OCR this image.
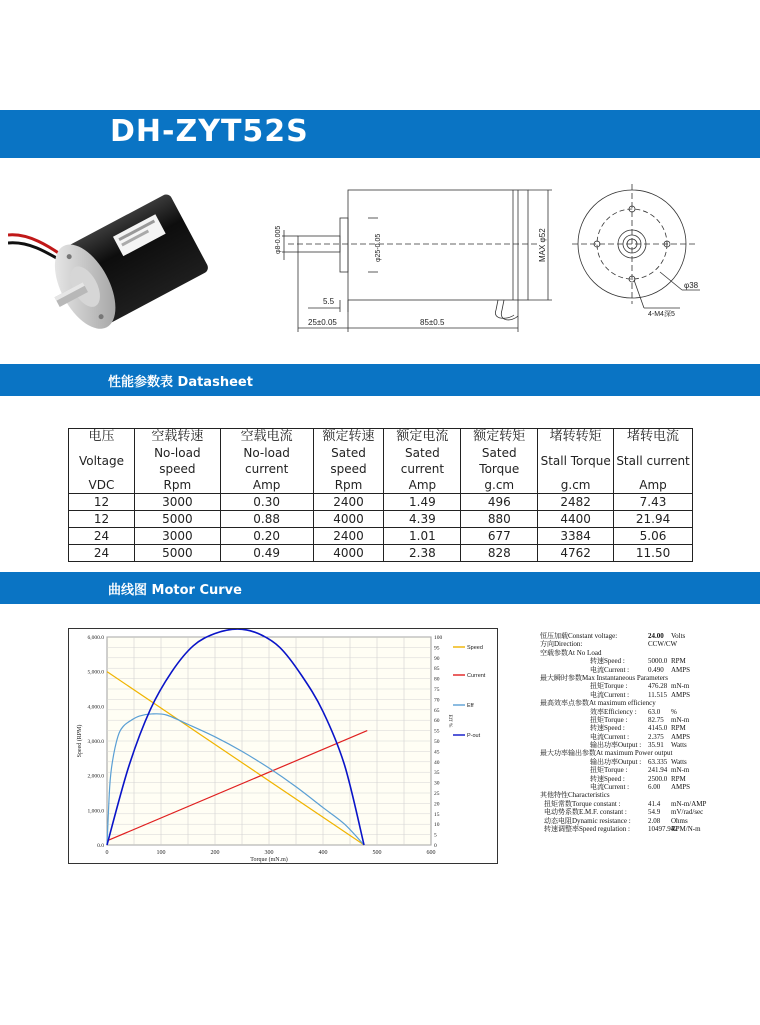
DH-ZYT52S
φ8-0.005	φ25-0.05	MAX φ52
5.5
25±0.05	85±0.5
φ38
4-M4深5
性能参数表 Datasheet
电压	空载转速	空载电流	额定转速	额定电流	额定转矩	堵转转矩	堵转电流
Voltage	No-load speed	No-load current	Sated speed	Sated current	Sated Torque	Stall Torque	Stall current
VDC	Rpm	Amp	Rpm	Amp	g.cm	g.cm	Amp
12	3000	0.30	2400	1.49	496	2482	7.43
12	5000	0.88	4000	4.39	880	4400	21.94
24	3000	0.20	2400	1.01	677	3384	5.06
24	5000	0.49	4000	2.38	828	4762	11.50
曲线图 Motor Curve
0	100	200	300	400	500	600
0.0
1,000.0
2,000.0
3,000.0
4,000.0
5,000.0
6,000.0
0
5
10
15
20
25
30
35
40
45
50
55
60
65
70
75
80
85
90
95
100
Torque (mN.m)
Speed (RPM)
Eff %
Speed
Current
Eff
P-out
恒压加载Constant voltage:	24.00	Volts
方向Direction:	CCW/CW
空载参数At No Load
转速Speed :	5000.0 RPM
电流Current :	0.490	AMPS
最大瞬时参数Max Instantaneous Parameters
扭矩Torque :	476.28 mN-m
电流Current :	11.515 AMPS
最高效率点参数At maximum efficiency
效率Efficiency : 63.0	%
扭矩Torque :	82.75	mN-m
转速Speed :	4145.0 RPM
电流Current :	2.375	AMPS
输出功率Output : 35.91	Watts
最大功率输出参数At maximum Power output
输出功率Output : 63.335 Watts
扭矩Torque :	241.94 mN-m
转速Speed :	2500.0 RPM
电流Current :	6.00	AMPS
其他特性Characteristics
扭矩常数Torque constant :	41.4	mN-m/AMP
电动势系数E.M.F. constant :	54.9	mV/rad/sec
动态电阻Dynamic resistance : 2.08	Ohms
转速调整率Speed regulation :	10497.942
RPM/N-m
